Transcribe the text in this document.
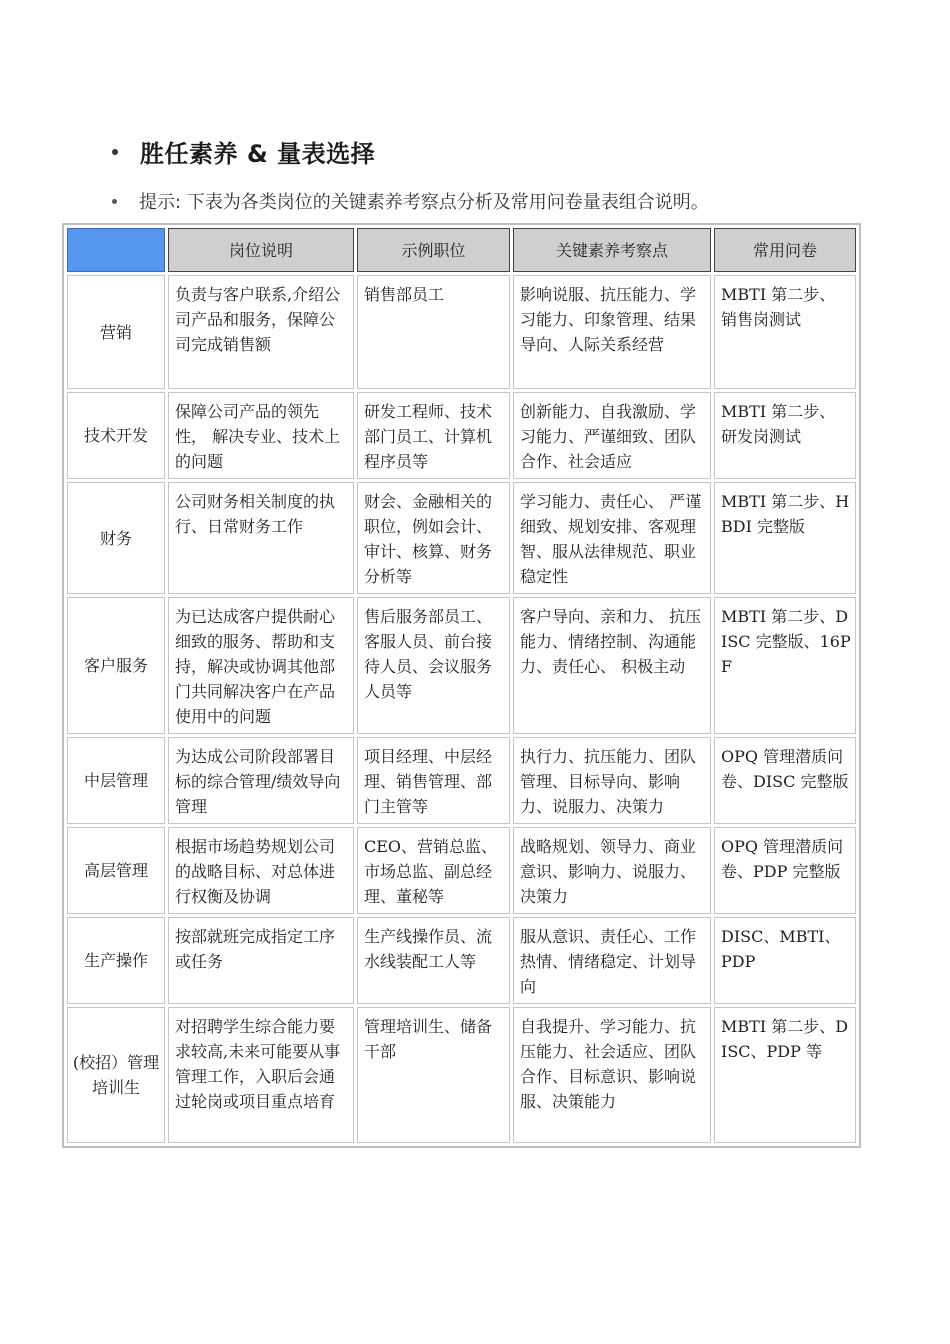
胜任素养 & 量表选择
提示: 下表为各类岗位的关键素养考察点分析及常用问卷量表组合说明。
	岗位说明	示例职位	关键素养考察点	常用问卷
营销	负责与客户联系,介绍公司产品和服务，保障公司完成销售额	销售部员工	影响说服、抗压能力、学习能力、印象管理、结果导向、人际关系经营	MBTI 第二步、销售岗测试
技术开发	保障公司产品的领先性， 解决专业、技术上的问题	研发工程师、技术部门员工、计算机程序员等	创新能力、自我激励、学习能力、严谨细致、团队合作、社会适应	MBTI 第二步、研发岗测试
财务	公司财务相关制度的执行、日常财务工作	财会、金融相关的职位，例如会计、审计、核算、财务分析等	学习能力、责任心、 严谨细致、规划安排、客观理智、服从法律规范、职业稳定性	MBTI 第二步、HBDI 完整版
客户服务	为已达成客户提供耐心细致的服务、帮助和支持，解决或协调其他部门共同解决客户在产品使用中的问题	售后服务部员工、客服人员、前台接待人员、会议服务人员等	客户导向、亲和力、 抗压能力、情绪控制、沟通能力、责任心、 积极主动	MBTI 第二步、DISC 完整版、16PF
中层管理	为达成公司阶段部署目标的综合管理/绩效导向管理	项目经理、中层经理、销售管理、部门主管等	执行力、抗压能力、团队管理、目标导向、影响力、说服力、决策力	OPQ 管理潜质问卷、DISC 完整版
高层管理	根据市场趋势规划公司的战略目标、对总体进行权衡及协调	CEO、营销总监、市场总监、副总经理、董秘等	战略规划、领导力、商业意识、影响力、说服力、决策力	OPQ 管理潜质问卷、PDP 完整版
生产操作	按部就班完成指定工序或任务	生产线操作员、流水线装配工人等	服从意识、责任心、工作热情、情绪稳定、计划导向	DISC、MBTI、PDP
(校招）管理培训生	对招聘学生综合能力要求较高,未来可能要从事管理工作，入职后会通过轮岗或项目重点培育	管理培训生、储备干部	自我提升、学习能力、抗压能力、社会适应、团队合作、目标意识、影响说服、决策能力	MBTI 第二步、DISC、PDP 等
